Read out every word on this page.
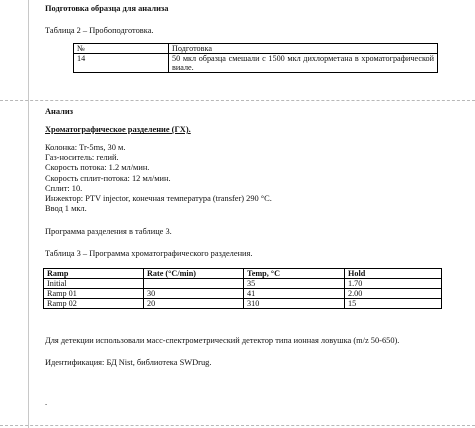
Подготовка образца для анализа
Таблица 2 – Пробоподготовка.
№	Подготовка
14	50 мкл образца смешали с 1500 мкл дихлорметана в хроматографической виале.
Анализ
Хроматографическое разделение (ГХ).
Колонка: Tr-5ms, 30 м.
Газ-носитель: гелий.
Скорость потока: 1.2 мл/мин.
Скорость сплит-потока: 12 мл/мин.
Сплит: 10.
Инжектор: PTV injector, конечная температура (transfer) 290 °С.
Ввод 1 мкл.
Программа разделения в таблице 3.
Таблица 3 – Программа хроматографического разделения.
Ramp	Rate (°C/min)	Temp, °C	Hold
Initial		35	1.70
Ramp 01	30	41	2.00
Ramp 02	20	310	15
Для детекции использовали масс-спектрометрический детектор типа ионная ловушка (m/z 50-650).
Идентификация: БД Nist, библиотека SWDrug.
.
